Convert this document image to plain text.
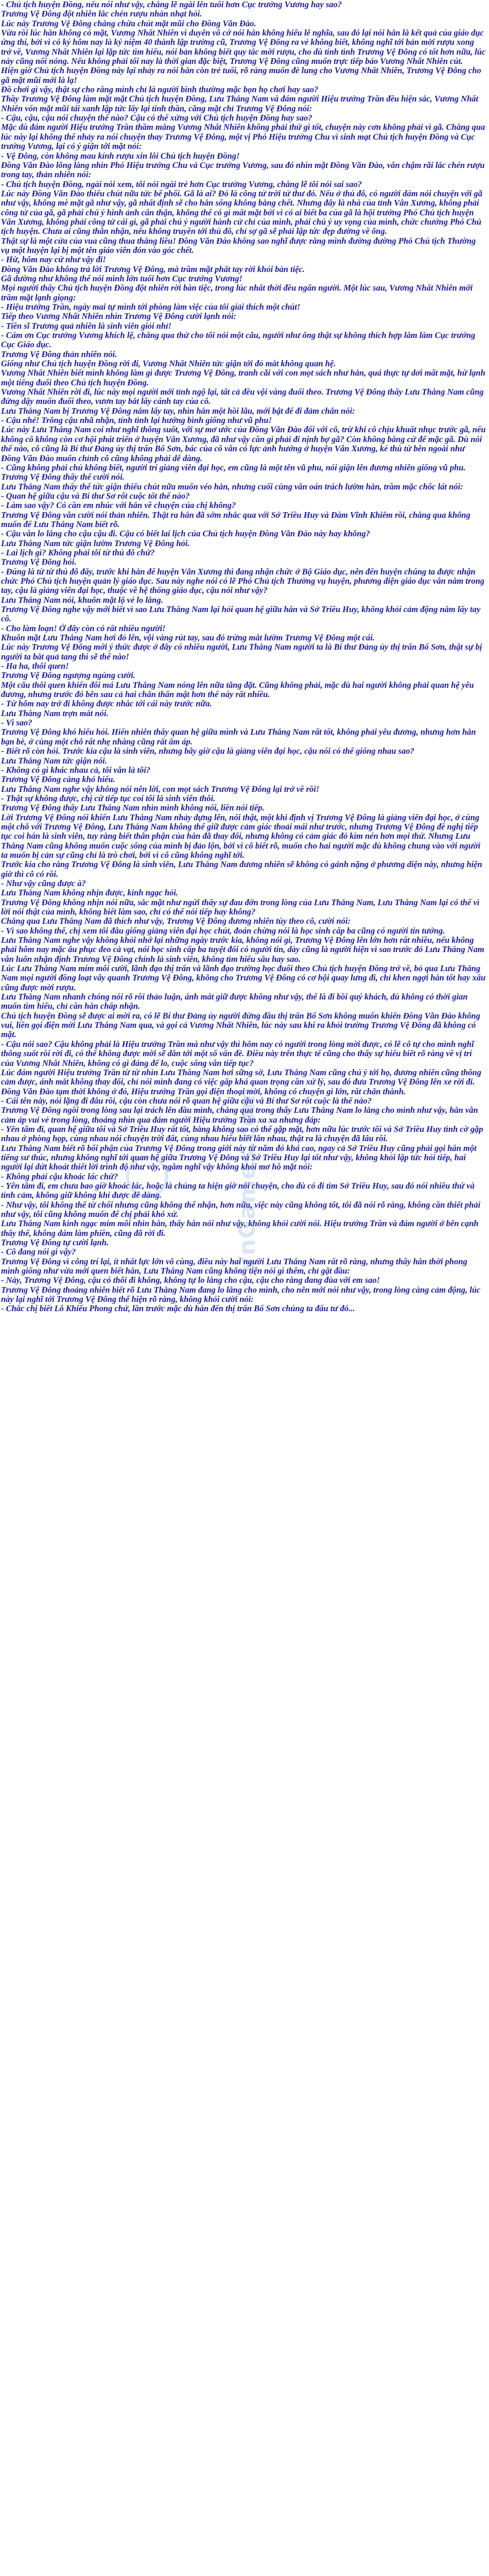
- Chủ tịch huyện Đồng, nếu nói như vậy, chẳng lẽ ngài lên tuổi hơn Cục trưởng Vương hay sao?

Trương Vệ Đông đột nhiên lắc chén rượu nhàn nhạt hỏi.

Lúc này Trương Vệ Đông chẳng chừa chút mặt mũi cho Đồng Văn Đào.

Vừa rồi lúc hắn không có mặt, Vương Nhất Nhiên vì duyên vô cớ nói hắn không hiểu lễ nghĩa, sau đó lại nói hắn là kết quả của giáo dục ứng thí, bởi vì có ký hôm nay là ký niệm 40 thành lập trường cũ, Trương Vệ Đông ra vẻ không biết, không nghĩ tới bản mời rượu xong trở về, Vương Nhất Nhiên lại lặp tức tìm hiểu, nói bản không biết quy tắc mời rượu, cho dù tính tình Trương Vệ Đông có tốt hơn nữa, lúc này cũng nổi nóng. Nếu không phải tối nay là thời gian đặc biệt, Trương Vệ Đông cũng muốn trực tiếp báo Vương Nhất Nhiên cút.

Hiện giờ Chủ tịch huyện Đồng này lại nhảy ra nói hắn còn trẻ tuổi, rõ ràng muốn đè lung cho Vương Nhất Nhiên, Trương Vệ Đông cho gã mặt mũi mới là lạ!

Đồ chơi gì vậy, thật sự cho rằng mình chỉ là người bình thường mặc bọn họ chơi hay sao?

Thầy Trương Vệ Đông làm mặt mặt Chủ tịch huyện Đồng, Lưu Thắng Nam và đám người Hiệu trưởng Trần đều hiện sắc, Vương Nhất Nhiên vốn mặt mũi tái xanh lập tức lấy lại tinh thần, căng mặt chỉ Trương Vệ Đông nói:

- Cậu, cậu, cậu nói chuyện thế nào? Cậu có thể xứng với Chủ tịch huyện Đồng hay sao?

Mặc dù đám người Hiệu trưởng Trần thầm mắng Vương Nhất Nhiên không phải thứ gì tốt, chuyện này cơn không phải vì gã. Chẳng qua lúc này lại không thể nhảy ra nói chuyện thay Trương Vệ Đông, một vị Phó Hiệu trưởng Chu vì sinh mạt Chủ tịch huyện Đồng và Cục trưởng Vương, lại có ý giận tới mặt nói:

- Vệ Đông, còn không mau kính rượu xin lỗi Chủ tịch huyện Đồng!

Đồng Văn Đào lông làng nhìn Phó Hiệu trưởng Chu và Cục trưởng Vương, sau đó nhìn mặt Đồng Văn Đào, vẫn chậm rãi lắc chén rượu trong tay, thản nhiên nói:

- Chủ tịch huyện Đồng, ngài nói xem, tôi nói ngài trẻ hơn Cục trưởng Vương, chẳng lẽ tôi nói sai sao?

Lúc này Đồng Văn Đào thiếu chút nữa tức bể phổi. Gã là ai? Đó là công tử trời tử thư đó. Nếu ở thủ đô, có người dám nói chuyện với gã như vậy, không mè mặt gã như vậy, gã nhất định sẽ cho hắn sống không bằng chết. Nhưng đây là nhà của tỉnh Vân Xương, không phải công tử của gã, gã phải chú ý hình ảnh cẩn thận, không thể có gì mất mặt bởi vì có ai biết ba của gã là hội trưởng Phó Chủ tịch huyện Vân Xương, không phải công tử cái gì, gã phải chú ý người hành cử chỉ của mình, phải chú ý uy vọng của mình, chức chưởng Phó Chủ tịch huyện. Chưa ai cũng thân nhận, nếu không truyền tới thủ đô, chỉ sợ gã sẽ phải lập tức đẹp đường về ông.

Thật sự là một cửa của vua cũng thua thằng liều! Đồng Văn Đào không sao nghĩ được rằng mình đường đường Phó Chủ tịch Thường vụ một huyện lại bị một tên giáo viên đón vào góc chết.

- Hừ, hôm nay cứ như vậy đi!

Đồng Văn Đào không trả lời Trương Vệ Đông, mà trầm mặt phất tay rời khỏi bàn tiệc.

Gã dường như không thể nói mình lớn tuổi hơn Cục trưởng Vương!

Mọi người thấy Chủ tịch huyện Đồng đột nhiên rời bàn tiệc, trong lúc nhất thời đều ngẩn người. Một lúc sau, Vương Nhất Nhiên mới trầm mặt lạnh giọng:

- Hiệu trưởng Trần, ngày mai tự mình tới phòng làm việc của tôi giải thích một chút!

Tiếp theo Vương Nhất Nhiên nhìn Trương Vệ Đông cười lạnh nói:

- Tiền sĩ Trương quả nhiên là sinh viên giỏi nhỉ!

- Cám ơn Cục trưởng Vương khích lệ, chẳng qua thứ cho tôi nói một câu, người như ông thật sự không thích hợp lắm làm Cục trưởng Cục Giáo dục.

Trương Vệ Đông thản nhiên nói.

Giống như Chủ tịch huyện Đồng rời đi, Vương Nhất Nhiên tức giận tới đỏ mắt không quan hệ.

Vương Nhất Nhiên biết mình không làm gì được Trương Vệ Đông, tranh cãi với con mọt sách như hắn, quá thực tự dơi mất mặt, hừ lạnh một tiếng đuổi theo Chủ tịch huyện Đồng.

Vương Nhất Nhiên rời đi, lúc này mọi người mới tỉnh ngộ lại, tất cả đều vội vàng đuổi theo. Trương Vệ Đông thấy Lưu Thắng Nam cũng đứng dậy muốn đuổi theo, vươn tay bắt lấy cánh tay của cô.

Lưu Thắng Nam bị Trương Vệ Đông nắm lấy tay, nhìn hắn một hồi lâu, mới bật để đi đảm chân nói:

- Cậu nhé! Trông cậu nhã nhặn, tính tình lại hướng bình giống như vũ phu!

Lúc này Lưu Thắng Nam coi như nghĩ thông suốt, với sự mơ ước của Đồng Văn Đào đối với cô, trừ khi cô chịu khuất nhục trước gã, nếu không cô không còn cơ hội phát triển ở huyện Vân Xương, đã như vậy cần gì phải đi nịnh bợ gã? Còn không bằng cứ để mặc gã. Dù nói thế nào, cô cũng là Bí thư Đảng ủy thị trấn Bố Sơn, bác của cô vẫn có lực ảnh hưởng ở huyện Vân Xương, kẻ thù từ bên ngoài như Đồng Văn Đào muốn chỉnh cô cũng không phải dễ dàng.

- Cũng không phải chủ không biết, người trí giảng viên đại học, em cũng là một tên vũ phu, nói giận lên đương nhiên giống vũ phu.

Trương Vệ Đông thấy thế cười nói.

Lưu Thắng Nam thấy thế tức giận thiếu chút nữa muốn véo hắn, nhưng cuối cùng vẫn oán trách lườm hắn, trầm mặc chốc lát nói:

- Quan hệ giữa cậu và Bí thư Sơ rốt cuộc tốt thế nào?

- Làm sao vậy? Có cần em nhúc với hắn về chuyện của chị không?

Trương Vệ Đông vẫn cười nói thản nhiên. Thật ra hắn đã sớm nhắc qua với Sở Triều Huy và Đàm Vĩnh Khiêm rồi, chẳng qua không muốn để Lưu Thắng Nam biết rõ.

- Cậu vẫn lo lắng cho cậu cậu đi. Cậu có biết lai lịch của Chủ tịch huyện Đồng Văn Đào này hay không?

Lưu Thắng Nam tức giận lườm Trương Vệ Đông hỏi.

- Lai lịch gì? Không phải tôi từ thủ đô chứ?

Trương Vệ Đông hỏi.

- Đúng là từ từ thủ đô đấy, trước khi hắn để huyện Vân Xương thì đang nhận chức ở Bộ Giáo dục, nên đến huyện chúng ta được nhận chức Phó Chủ tịch huyện quản lý giáo dục. Sau này nghe nói có lẽ Phó Chủ tịch Thường vụ huyện, phương diện giáo dục vẫn nằm trong tay, cậu là giảng viên đại học, thuộc về hệ thống giáo dục, cậu nói như vậy?

Lưu Thắng Nam nói, khuôn mặt lộ vẻ lo lắng.

Trương Vệ Đông nghe vậy mới biết vì sao Lưu Thắng Nam lại hỏi quan hệ giữa hắn và Sở Triều Huy, không khỏi cảm động nắm lấy tay cô.

- Cho làm loạn! Ở đây còn có rất nhiều người!

Khuôn mặt Lưu Thắng Nam hơi đỏ lên, vội vàng rút tay, sau đó trừng mắt lườm Trương Vệ Đông một cái.

Lúc này Trương Vệ Đông mới ý thức được ở đây có nhiều người, Lưu Thắng Nam người ta là Bí thư Đảng ủy thị trấn Bố Sơn, thật sự bị người ta bắt quả tang thì sẽ thế nào!

- Ha ha, thôi quen!

Trương Vệ Đông ngượng ngùng cười.

Một câu thôi quen khiến đôi má Lưu Thắng Nam nóng lên nữa tăng đặt. Cũng không phải, mặc dù hai người không phải quan hệ yêu đương, nhưng trước đó bên sau cả hai chân thấn mật hơn thế này rất nhiều.

- Từ hôm nay trở đi không được nhắc tới cái này trước nữa.

Lưu Thắng Nam trợn mắt nói.

- Vì sao?

Trương Vệ Đông khó hiểu hỏi. Hiển nhiên thấy quan hệ giữa mình và Lưu Thắng Nam rất tốt, không phải yêu đương, nhưng hơn hẳn bạn bè, ở cùng một chỗ rất nhẹ nhàng cũng rất ấm áp.

- Biết rõ còn hỏi. Trước kia cậu là sinh viên, nhưng bây giờ cậu là giảng viên đại học, cậu nói có thể giống nhau sao?

Lưu Thắng Nam tức giận nói.

- Không có gì khác nhau cả, tôi vẫn là tôi?

Trương Vệ Đông càng khó hiểu.

Lưu Thắng Nam nghe vậy không nói nên lời, con mọt sách Trương Vệ Đông lại trở về rồi!

- Thật sự không được, chị cứ tiếp tục coi tôi là sinh viên thôi.

Trương Vệ Đông thấy Lưu Thắng Nam nhìn mình không nói, liền nói tiếp.

Lời Trương Vệ Đông nói khiến Lưu Thắng Nam nhảy dựng lên, nói thật, một khi định vị Trương Vệ Đông là giảng viên đại học, ở cùng một chỗ với Trương Vệ Đông, Lưu Thắng Nam không thể giữ được cảm giác thoải mái như trước, nhưng Trương Vệ Đông đề nghị tiếp tục coi hắn là sinh viên, tuy rằng biết thân phận của hắn đã thay đổi, nhưng không có cảm giác đó kìm nén hơn mọi thứ. Nhưng Lưu Thắng Nam cũng không muốn cuộc sống của mình bị đảo lộn, bởi vì cô biết rõ, muốn cho hai người mặc dù không chung vào với người ta muốn bị cản sự cũng chỉ là trò chơi, bởi vì cô cũng không nghĩ tới.

Trước kia cho rằng Trương Vệ Đông là sinh viên, Lưu Thắng Nam đương nhiên sẽ không có gánh nặng ở phương diện này, nhưng hiện giờ thì cô có rồi.

- Như vậy cũng được à?

Lưu Thắng Nam không nhịn được, kinh ngạc hỏi.

Trương Vệ Đông không nhịn nói nữa, sắc mặt như ngửi thấy sự đau đớn trong lòng của Lưu Thắng Nam, Lưu Thắng Nam lại có thể vì lời nói thật của mình, không biết làm sao, chỉ có thể nói tiếp hay không?

Chẳng qua Lưu Thắng Nam đã thích như vậy, Trương Vệ Đông đương nhiên tùy theo cô, cười nói:

- Vì sao không thể, chị xem tôi đâu giống giảng viên đại học chút, đoán chừng nói là học sinh cấp ba cũng có người tin tưởng.

Lưu Thắng Nam nghe vậy không khỏi nhớ lại những ngày trước kia, không nói gì, Trương Vệ Đông lên lớn hơn rất nhiều, nếu không phải hôm nay mặc âu phục đeo cà vạt, nói học sinh cấp ba tuyệt đối có người tin, dày cũng là người hiện vì sao trước đó Lưu Thắng Nam vẫn luôn nhận định Trương Vệ Đông chính là sinh viên, không tìm hiểu sâu hay sao.

Lúc Lưu Thắng Nam mím môi cười, lãnh đạo thị trấn và lãnh đạo trường học đuổi theo Chủ tịch huyện Đồng trở về, bỏ qua Lưu Thắng Nam mọi người đồng loạt vây quanh Trương Vệ Đông, không cho Trương Vệ Đông có cơ hội quay lưng đi, chỉ khen ngợi hắn tốt hay xấu cũng được mời rượu.

Lưu Thắng Nam nhanh chóng nói rõ rồi thảo luận, ánh mắt giữ được không như vậy, thế là đi bồi quý khách, dù không có thời gian muốn tìm hiểu, chỉ cần hắn chấp nhận.

Chủ tịch huyện Đồng sẽ được ai mời ra, có lẽ Bí thư Đảng ủy người đứng đầu thị trấn Bố Sơn không muốn khiến Đồng Văn Đào không vui, liền gọi điện mời Lưu Thắng Nam qua, và gọi cả Vương Nhất Nhiên, lúc này sau khi ra khỏi trường Trương Vệ Đông đã không có mặt.

- Cậu nói sao? Cậu không phải là Hiệu trưởng Trần mà như vậy thì hôm nay có người trong lòng mời được, có lẽ cô tự cho mình nghĩ thông suốt rồi rời đi, có thể không được mời sẽ dẫn tới một số vấn đề. Điều này trên thực tế cũng cho thấy sự hiểu biết rõ ràng về vị trí của Vương Nhất Nhiên, không có gì đáng để lo, cuộc sống vẫn tiếp tục?

Lúc đám người Hiệu trưởng Trần từ từ nhìn Lưu Thắng Nam hơi sững sờ, Lưu Thắng Nam cũng chú ý tới họ, đương nhiên cũng thông cảm được, ánh mắt không thay đổi, chỉ nói mình đang có việc gấp khá quan trọng cần xử lý, sau đó đưa Trương Vệ Đông lên xe rời đi. Đồng Văn Đào tạm thời không ở đó, Hiệu trưởng Trần gọi điện thoại mời, không có chuyện gì lớn, rất chân thành.

- Cái tên này, nói lặng đi đâu rồi, cậu còn chưa nói rõ quan hệ giữa cậu và Bí thư Sơ rốt cuộc là thế nào?

Trương Vệ Đông ngồi trong lòng sau lại trách lên đầu mình, chẳng qua trong thấy Lưu Thắng Nam lo lắng cho mình như vậy, hắn vẫn cảm áp vui vẻ trong lòng, thoáng nhìn qua đám người Hiệu trưởng Trần xa xa nhưng đáp:

- Yên tâm đi, quan hệ giữa tôi và Sở Triều Huy rất tốt, bằng không sao có thể gặp mặt, hơn nữa lúc trước tôi và Sở Triều Huy tình cờ gặp nhau ở phòng họp, cùng nhau nói chuyện trời đất, cùng nhau hiểu biết lẫn nhau, thật ra là chuyện đã lâu rồi.

Lưu Thắng Nam biết rõ bối phận của Trương Vệ Đông trong giới này từ năm đó khá cao, ngay cả Sở Triều Huy cũng phải gọi hắn một tiếng sư thúc, nhưng không nghĩ tới quan hệ giữa Trương Vệ Đông và Sở Triều Huy lại tốt như vậy, không khỏi lập tức hỏi tiếp, hai người lại dứt khoát thiết lời trình độ như vậy, ngẫm nghĩ vậy không khỏi mơ hồ mặt nói:

- Không phải cậu khoác lác chứ?

- Yên tâm đi, em chưa bao giờ khoác lác, hoặc là chúng ta hiện giờ nói chuyện, cho dù có đi tìm Sở Triều Huy, sau đó nói nhiều thứ và tình cảm, không giữ không khí được dễ dàng.

- Như vậy, tôi không thể từ chối nhưng cũng không thể nhận, hơn nữa, việc này cũng không tốt, tôi đã nói rõ ràng, không cần thiết phải như vậy, tôi cũng không muốn để chị phải khó xử.

Lưu Thắng Nam kinh ngạc mím môi nhìn hắn, thấy hắn nói như vậy, không khỏi cười nói. Hiệu trưởng Trần và đám người ở bên cạnh thấy thế, không dám làm phiền, cũng đã rời đi.

Trương Vệ Đông tự cười lạnh.

- Cô đang nói gì vậy?

Trương Vệ Đông vì công trí lại, ít nhất lực lớn vô cùng, điều này hai người Lưu Thắng Nam rất rõ ràng, nhưng thấy hắn thời phong mình giống như vừa mới quen biết hắn, Lưu Thắng Nam cũng không tiện nói gì thêm, chỉ gật đầu:

- Này, Trương Vệ Đông, cậu có thôi đi không, không tự lo lắng cho cậu, cậu cho rằng đang đùa với em sao!

Trương Vệ Đông thoáng nhiên biết rõ Lưu Thắng Nam đang lo lắng cho mình, cho nên mới nói như vậy, trong lòng càng cảm động, lúc này lại nghĩ tới Trương Vệ Đông thể hiện rõ ràng, không khỏi cười nói:

- Chắc chị biết Lỗ Khiếu Phong chứ, lần trước mặc dù hắn đến thị trấn Bố Sơn chúng ta đấu tư đó...

VnGames.com
